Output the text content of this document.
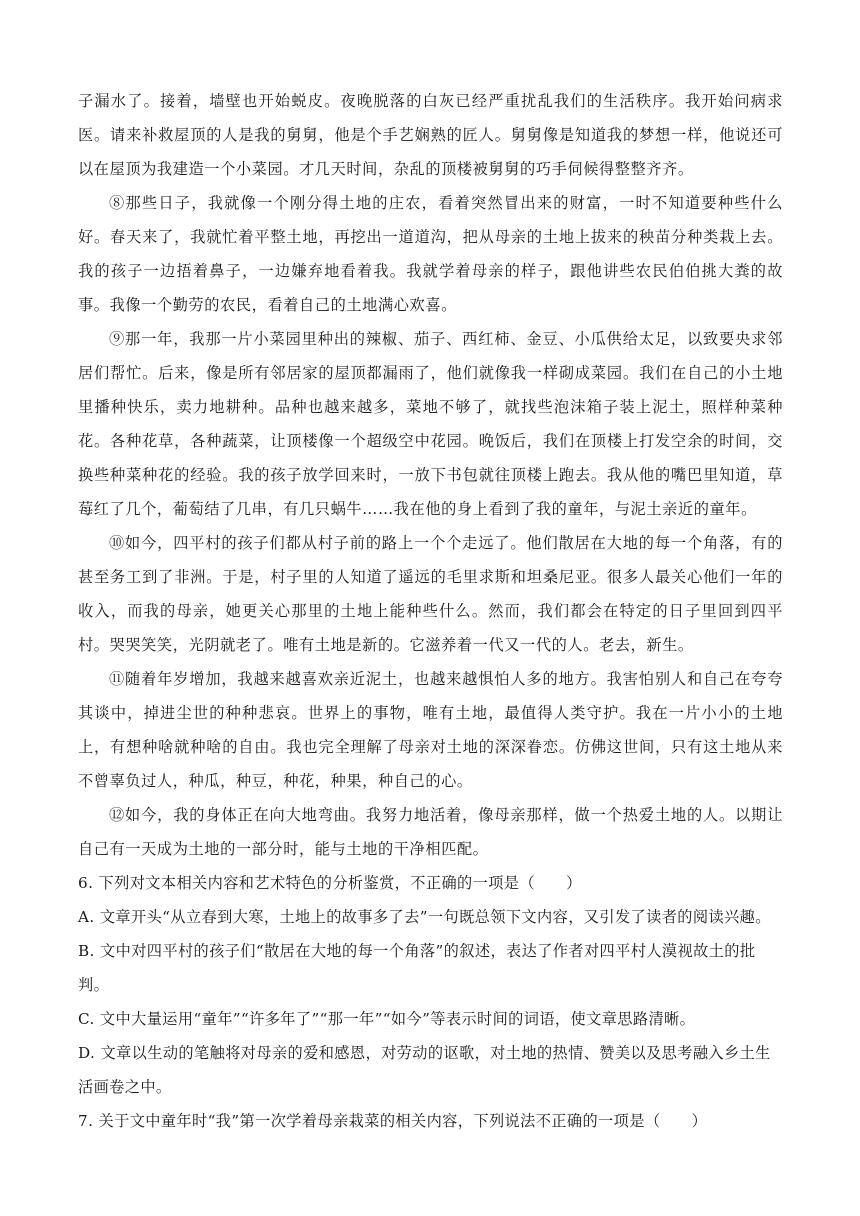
子漏水了。接着，墙壁也开始蜕皮。夜晚脱落的白灰已经严重扰乱我们的生活秩序。我开始问病求医。请来补救屋顶的人是我的舅舅，他是个手艺娴熟的匠人。舅舅像是知道我的梦想一样，他说还可以在屋顶为我建造一个小菜园。才几天时间，杂乱的顶楼被舅舅的巧手伺候得整整齐齐。

⑧那些日子，我就像一个刚分得土地的庄农，看着突然冒出来的财富，一时不知道要种些什么好。春天来了，我就忙着平整土地，再挖出一道道沟，把从母亲的土地上拔来的秧苗分种类栽上去。我的孩子一边捂着鼻子，一边嫌弃地看着我。我就学着母亲的样子，跟他讲些农民伯伯挑大粪的故事。我像一个勤劳的农民，看着自己的土地满心欢喜。

⑨那一年，我那一片小菜园里种出的辣椒、茄子、西红柿、金豆、小瓜供给太足，以致要央求邻居们帮忙。后来，像是所有邻居家的屋顶都漏雨了，他们就像我一样砌成菜园。我们在自己的小土地里播种快乐，卖力地耕种。品种也越来越多，菜地不够了，就找些泡沫箱子装上泥土，照样种菜种花。各种花草，各种蔬菜，让顶楼像一个超级空中花园。晚饭后，我们在顶楼上打发空余的时间，交换些种菜种花的经验。我的孩子放学回来时，一放下书包就往顶楼上跑去。我从他的嘴巴里知道，草莓红了几个，葡萄结了几串，有几只蜗牛……我在他的身上看到了我的童年，与泥土亲近的童年。

⑩如今，四平村的孩子们都从村子前的路上一个个走远了。他们散居在大地的每一个角落，有的甚至务工到了非洲。于是，村子里的人知道了遥远的毛里求斯和坦桑尼亚。很多人最关心他们一年的收入，而我的母亲，她更关心那里的土地上能种些什么。然而，我们都会在特定的日子里回到四平村。哭哭笑笑，光阴就老了。唯有土地是新的。它滋养着一代又一代的人。老去，新生。

⑪随着年岁增加，我越来越喜欢亲近泥土，也越来越惧怕人多的地方。我害怕别人和自己在夸夸其谈中，掉进尘世的种种悲哀。世界上的事物，唯有土地，最值得人类守护。我在一片小小的土地上，有想种啥就种啥的自由。我也完全理解了母亲对土地的深深眷恋。仿佛这世间，只有这土地从来不曾辜负过人，种瓜，种豆，种花，种果，种自己的心。

⑫如今，我的身体正在向大地弯曲。我努力地活着，像母亲那样，做一个热爱土地的人。以期让自己有一天成为土地的一部分时，能与土地的干净相匹配。

6. 下列对文本相关内容和艺术特色的分析鉴赏，不正确的一项是（　　）

A. 文章开头“从立春到大寒，土地上的故事多了去”一句既总领下文内容，又引发了读者的阅读兴趣。

B. 文中对四平村的孩子们“散居在大地的每一个角落”的叙述，表达了作者对四平村人漠视故土的批判。

C. 文中大量运用“童年”“许多年了”“那一年”“如今”等表示时间的词语，使文章思路清晰。

D. 文章以生动的笔触将对母亲的爱和感恩，对劳动的讴歌，对土地的热情、赞美以及思考融入乡土生活画卷之中。

7. 关于文中童年时“我”第一次学着母亲栽菜的相关内容，下列说法不正确的一项是（　　）
